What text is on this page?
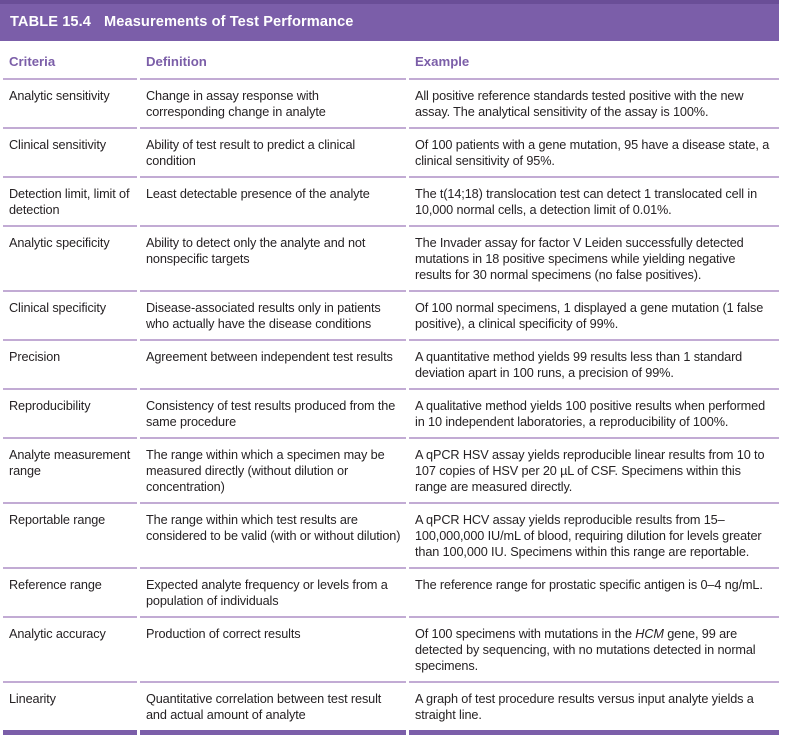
TABLE 15.4 Measurements of Test Performance
Criteria	Definition	Example
Analytic sensitivity	Change in assay response with corresponding change in analyte	All positive reference standards tested positive with the new assay. The analytical sensitivity of the assay is 100%.
Clinical sensitivity	Ability of test result to predict a clinical condition	Of 100 patients with a gene mutation, 95 have a disease state, a clinical sensitivity of 95%.
Detection limit, limit of detection	Least detectable presence of the analyte	The t(14;18) translocation test can detect 1 translocated cell in 10,000 normal cells, a detection limit of 0.01%.
Analytic specificity	Ability to detect only the analyte and not nonspecific targets	The Invader assay for factor V Leiden successfully detected mutations in 18 positive specimens while yielding negative results for 30 normal specimens (no false positives).
Clinical specificity	Disease-associated results only in patients who actually have the disease conditions	Of 100 normal specimens, 1 displayed a gene mutation (1 false positive), a clinical specificity of 99%.
Precision	Agreement between independent test results	A quantitative method yields 99 results less than 1 standard deviation apart in 100 runs, a precision of 99%.
Reproducibility	Consistency of test results produced from the same procedure	A qualitative method yields 100 positive results when performed in 10 independent laboratories, a reproducibility of 100%.
Analyte measurement range	The range within which a specimen may be measured directly (without dilution or concentration)	A qPCR HSV assay yields reproducible linear results from 10 to 107 copies of HSV per 20 µL of CSF. Specimens within this range are measured directly.
Reportable range	The range within which test results are considered to be valid (with or without dilution)	A qPCR HCV assay yields reproducible results from 15–100,000,000 IU/mL of blood, requiring dilution for levels greater than 100,000 IU. Specimens within this range are reportable.
Reference range	Expected analyte frequency or levels from a population of individuals	The reference range for prostatic specific antigen is 0–4 ng/mL.
Analytic accuracy	Production of correct results	Of 100 specimens with mutations in the HCM gene, 99 are detected by sequencing, with no mutations detected in normal specimens.
Linearity	Quantitative correlation between test result and actual amount of analyte	A graph of test procedure results versus input analyte yields a straight line.
